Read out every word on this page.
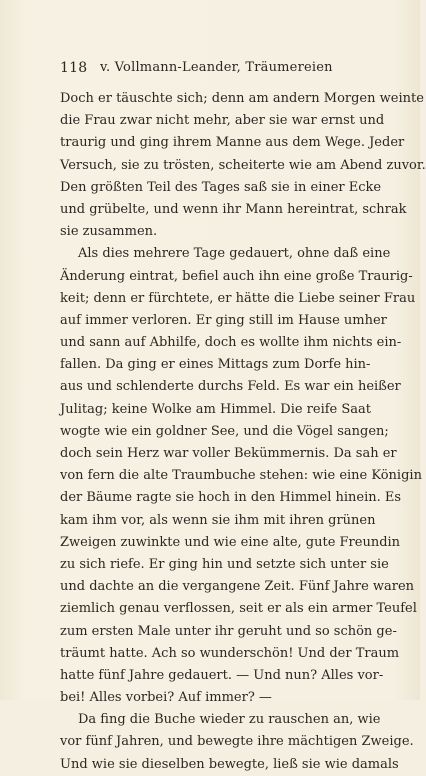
118 v. Vollmann-Leander, Träumereien
Doch er täuschte sich; denn am andern Morgen weinte
die Frau zwar nicht mehr, aber sie war ernst und
traurig und ging ihrem Manne aus dem Wege. Jeder
Versuch, sie zu trösten, scheiterte wie am Abend zuvor.
Den größten Teil des Tages saß sie in einer Ecke
und grübelte, und wenn ihr Mann hereintrat, schrak
sie zusammen.
Als dies mehrere Tage gedauert, ohne daß eine
Änderung eintrat, befiel auch ihn eine große Traurig-
keit; denn er fürchtete, er hätte die Liebe seiner Frau
auf immer verloren. Er ging still im Hause umher
und sann auf Abhilfe, doch es wollte ihm nichts ein-
fallen. Da ging er eines Mittags zum Dorfe hin-
aus und schlenderte durchs Feld. Es war ein heißer
Julitag; keine Wolke am Himmel. Die reife Saat
wogte wie ein goldner See, und die Vögel sangen;
doch sein Herz war voller Bekümmernis. Da sah er
von fern die alte Traumbuche stehen: wie eine Königin
der Bäume ragte sie hoch in den Himmel hinein. Es
kam ihm vor, als wenn sie ihm mit ihren grünen
Zweigen zuwinkte und wie eine alte, gute Freundin
zu sich riefe. Er ging hin und setzte sich unter sie
und dachte an die vergangene Zeit. Fünf Jahre waren
ziemlich genau verflossen, seit er als ein armer Teufel
zum ersten Male unter ihr geruht und so schön ge-
träumt hatte. Ach so wunderschön! Und der Traum
hatte fünf Jahre gedauert. — Und nun? Alles vor-
bei! Alles vorbei? Auf immer? —
Da fing die Buche wieder zu rauschen an, wie
vor fünf Jahren, und bewegte ihre mächtigen Zweige.
Und wie sie dieselben bewegte, ließ sie wie damals
